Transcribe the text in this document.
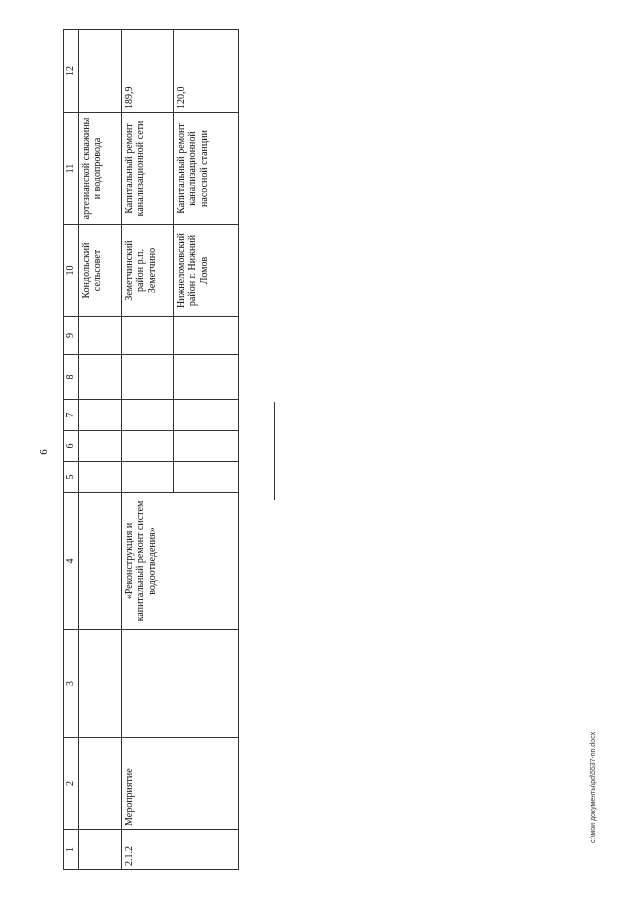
6
1	2	3	4	5	6	7	8	9	10	11	12
									Кондольский сельсовет	артезианской скважины и водопровода	
2.1.2	Мероприятие		«Реконструкция и капитальный ремонт систем водоотведения»						Земетчинский район р.п. Земетчино	Капитальный ремонт канализационной сети	189,9
									Нижнеломовский район г. Нижний Ломов	Капитальный ремонт канализационной насосной станции	120,0
c:\мои документы\pd\5537-пп.docx
